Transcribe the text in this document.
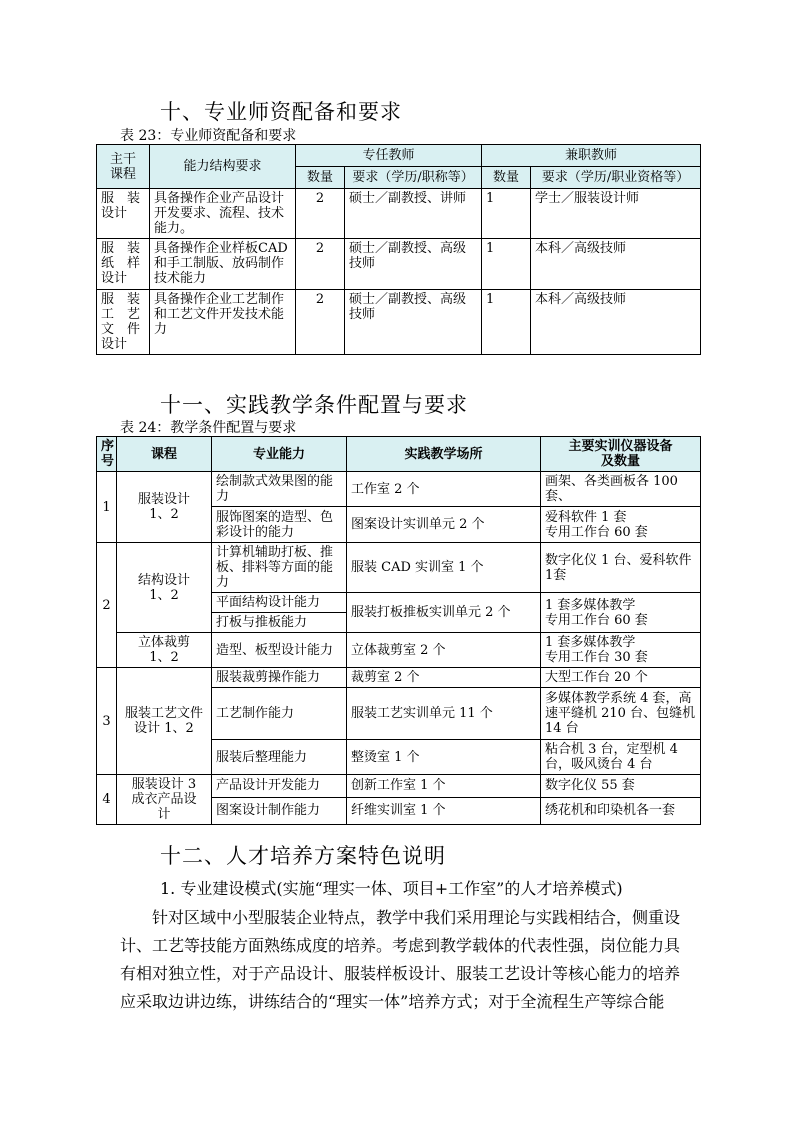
十、专业师资配备和要求
表 23：专业师资配备和要求
主干
课程	能力结构要求	专任教师		兼职教师	
		数量	要求（学历/职称等）	数量	要求（学历/职业资格等）
服　装
设计	具备操作企业产品设计开发要求、流程、技术能力。	2	硕士／副教授、讲师	1	学士／服装设计师
服　装
纸　样
设计	具备操作企业样板CAD和手工制版、放码制作技术能力	2	硕士／副教授、高级技师	1	本科／高级技师
服　装
工　艺
文　件
设计	具备操作企业工艺制作和工艺文件开发技术能力	2	硕士／副教授、高级技师	1	本科／高级技师
十一、实践教学条件配置与要求
表 24：教学条件配置与要求
序
号	课程	专业能力	实践教学场所	主要实训仪器设备
及数量
1	服装设计
1、2	绘制款式效果图的能力	工作室 2 个	画架、各类画板各 100 套、
		服饰图案的造型、色彩设计的能力	图案设计实训单元 2 个	爱科软件 1 套
专用工作台 60 套
2	结构设计
1、2	计算机辅助打板、推板、排料等方面的能力	服装 CAD 实训室 1 个	数字化仪 1 台、爱科软件 1套
		平面结构设计能力	服装打板推板实训单元 2 个	1 套多媒体教学
专用工作台 60 套
		打板与推板能力		
	立体裁剪
1、2	造型、板型设计能力	立体裁剪室 2 个	1 套多媒体教学
专用工作台 30 套
3	服装工艺文件设计 1、2	服装裁剪操作能力	裁剪室 2 个	大型工作台 20 个
		工艺制作能力	服装工艺实训单元 11 个	多媒体教学系统 4 套，高速平缝机 210 台、包缝机 14 台
		服装后整理能力	整烫室 1 个	粘合机 3 台，定型机 4 台，吸风烫台 4 台
4	服装设计 3
成衣产品设
计	产品设计开发能力	创新工作室 1 个	数字化仪 55 套
		图案设计制作能力	纤维实训室 1 个	绣花机和印染机各一套
十二、人才培养方案特色说明
1. 专业建设模式(实施“理实一体、项目+工作室”的人才培养模式)
　　针对区域中小型服装企业特点，教学中我们采用理论与实践相结合，侧重设
计、工艺等技能方面熟练成度的培养。考虑到教学载体的代表性强，岗位能力具
有相对独立性，对于产品设计、服装样板设计、服装工艺设计等核心能力的培养
应采取边讲边练，讲练结合的“理实一体”培养方式；对于全流程生产等综合能
